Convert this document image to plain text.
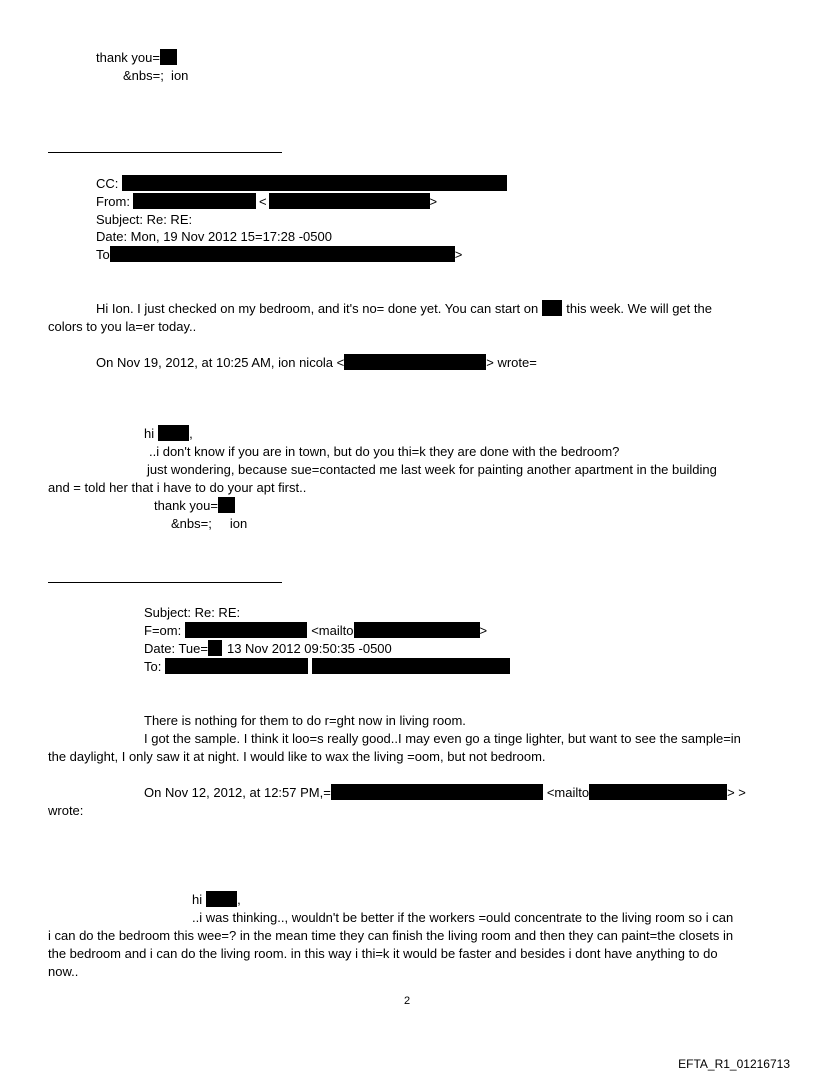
thank you=
&nbs=;  ion
CC:
From:	<	>
Subject: Re: RE:
Date: Mon, 19 Nov 2012 15=17:28 -0500
To	>
Hi Ion. I just checked on my bedroom, and it's no= done yet. You can start on this week. We will get the
colors to you la=er today..
On Nov 19, 2012, at 10:25 AM, ion nicola <	> wrote=
hi	,
..i don't know if you are in town, but do you thi=k they are done with the bedroom?
just wondering, because sue=contacted me last week for painting another apartment in the building
and = told her that i have to do your apt first..
thank you=
&nbs=;     ion
Subject: Re: RE:
F=om:	<mailto	>
Date: Tue= 13 Nov 2012 09:50:35 -0500
To:
There is nothing for them to do r=ght now in living room.
I got the sample. I think it loo=s really good..I may even go a tinge lighter, but want to see the sample=in
the daylight, I only saw it at night. I would like to wax the living =oom, but not bedroom.
On Nov 12, 2012, at 12:57 PM,=	<mailto	> >
wrote:
hi	,
..i was thinking.., wouldn't be better if the workers =ould concentrate to the living room so i can
i can do the bedroom this wee=? in the mean time they can finish the living room and then they can paint=the closets in
the bedroom and i can do the living room. in this way i thi=k it would be faster and besides i dont have anything to do
now..
2
EFTA_R1_01216713
